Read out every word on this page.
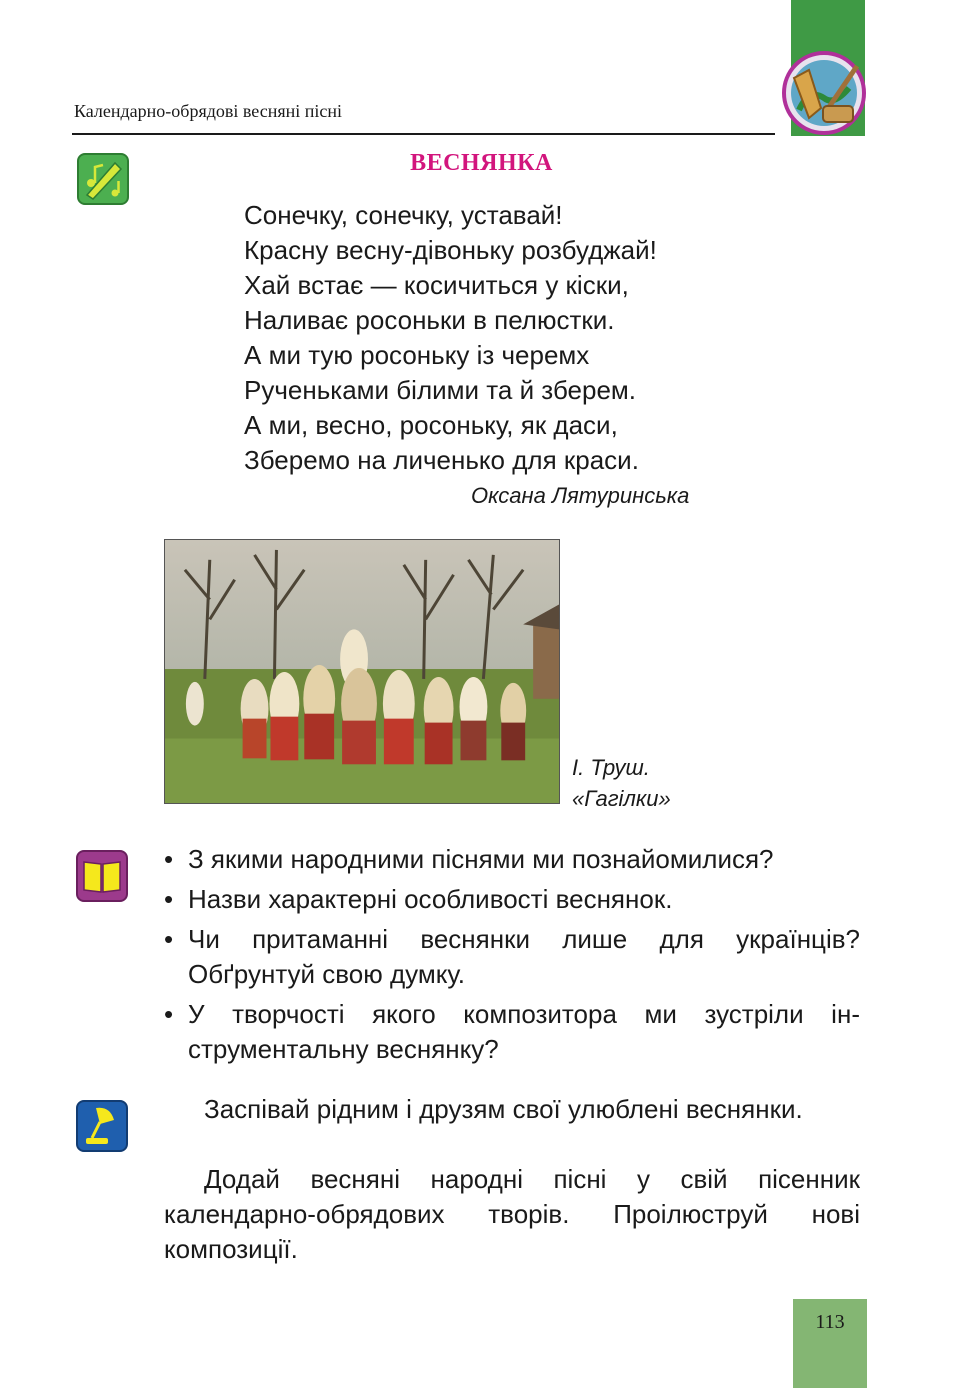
Календарно-обрядові весняні пісні
ВЕСНЯНКА
Сонечку, сонечку, уставай!
Красну весну-дівоньку розбуджай!
Хай встає — косичиться у кіски,
Наливає росоньки в пелюстки.
А ми тую росоньку із черемх
Рученьками білими та й зберем.
А ми, весно, росоньку, як даси,
Зберемо на личенько для краси.
Оксана Лятуринська
І. Труш.
«Гагілки»
• З якими народними піснями ми познайомилися?
• Назви характерні особливості веснянок.
• Чи притаманні веснянки лише для українців? Обґрунтуй свою думку.
• У творчості якого композитора ми зустріли інструментальну веснянку?

Заспівай рідним і друзям свої улюблені веснянки.

Додай весняні народні пісні у свій пісенник календарно-обрядових творів. Проілюструй нові композиції.

113
